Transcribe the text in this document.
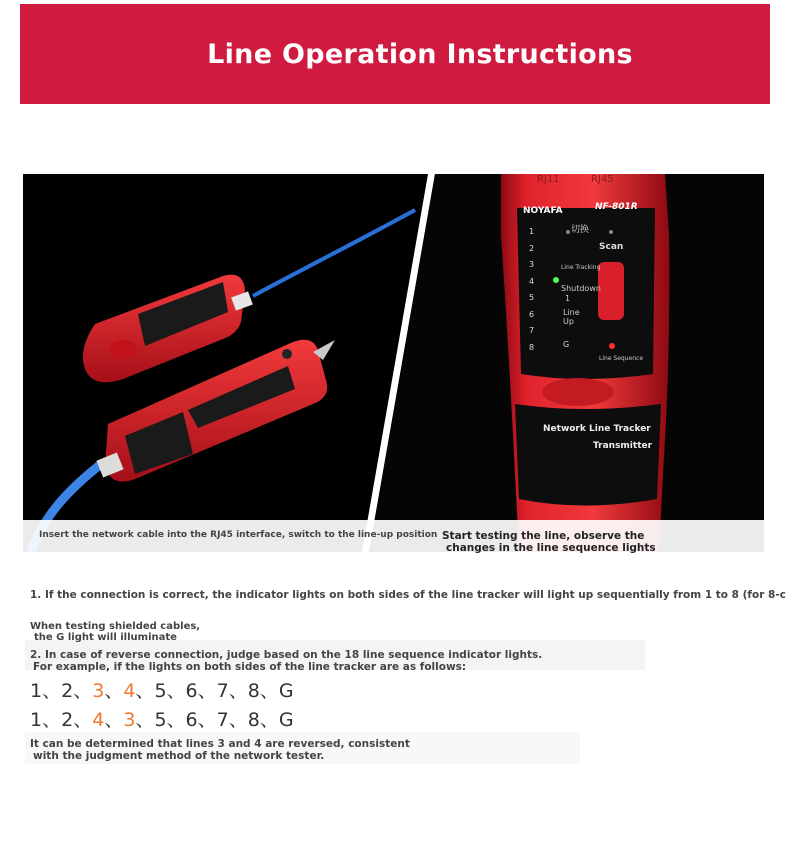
Line Operation Instructions
RJ11	RJ45
NOYAFA	NF-801R
切换
Scan
Line Tracking
Shutdown
1
Line
Up
Line Sequence
1
2
3
4
5
6
7
8	G
Network Line Tracker
Transmitter
Insert the network cable into the RJ45 interface, switch to the line-up position Start testing the line, observe the
changes in the line sequence lights
1. If the connection is correct, the indicator lights on both sides of the line tracker will light up sequentially from 1 to 8 (for 8-c
When testing shielded cables,
the G light will illuminate
2. In case of reverse connection, judge based on the 18 line sequence indicator lights.
For example, if the lights on both sides of the line tracker are as follows:
1、2、3、4、5、6、7、8、G
1、2、4、3、5、6、7、8、G
It can be determined that lines 3 and 4 are reversed, consistent
with the judgment method of the network tester.
